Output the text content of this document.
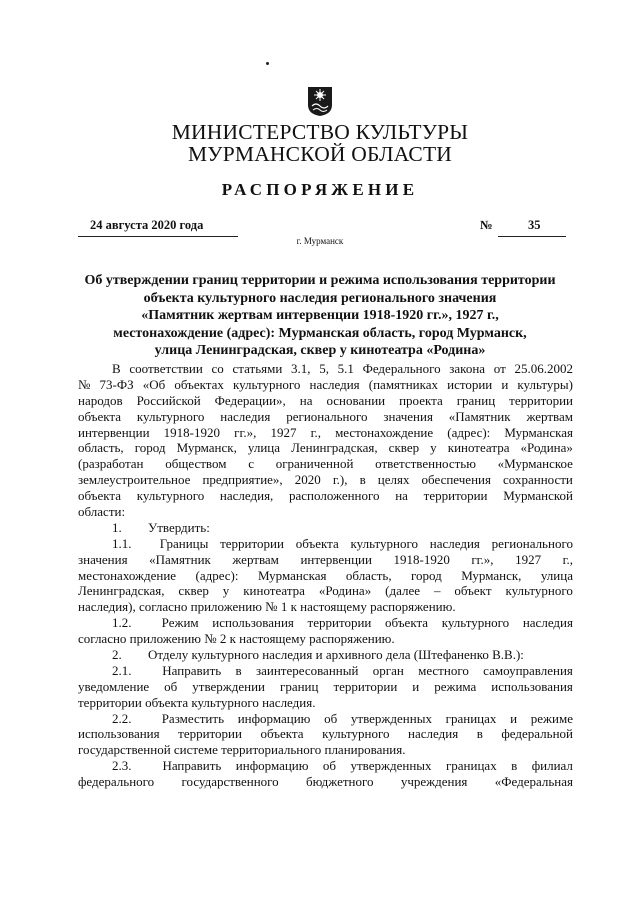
МИНИСТЕРСТВО КУЛЬТУРЫ
МУРМАНСКОЙ ОБЛАСТИ
РАСПОРЯЖЕНИЕ
24 августа 2020 года	№	35
г. Мурманск
Об утверждении границ территории и режима использования территории
объекта культурного наследия регионального значения
«Памятник жертвам интервенции 1918-1920 гг.», 1927 г.,
местонахождение (адрес): Мурманская область, город Мурманск,
улица Ленинградская, сквер у кинотеатра «Родина»
В соответствии со статьями 3.1, 5, 5.1 Федерального закона от 25.06.2002
№ 73-ФЗ «Об объектах культурного наследия (памятниках истории и культуры)
народов Российской Федерации», на основании проекта границ территории
объекта культурного наследия регионального значения «Памятник жертвам
интервенции 1918-1920 гг.», 1927 г., местонахождение (адрес): Мурманская
область, город Мурманск, улица Ленинградская, сквер у кинотеатра «Родина»
(разработан обществом с ограниченной ответственностью «Мурманское
землеустроительное предприятие», 2020 г.), в целях обеспечения сохранности
объекта культурного наследия, расположенного на территории Мурманской
области:
1.	Утвердить:
1.1.	Границы территории объекта культурного наследия регионального
значения «Памятник жертвам интервенции 1918-1920 гг.», 1927 г.,
местонахождение (адрес): Мурманская область, город Мурманск, улица
Ленинградская, сквер у кинотеатра «Родина» (далее – объект культурного
наследия), согласно приложению № 1 к настоящему распоряжению.
1.2.	Режим использования территории объекта культурного наследия
согласно приложению № 2 к настоящему распоряжению.
2.	Отделу культурного наследия и архивного дела (Штефаненко В.В.):
2.1.	Направить в заинтересованный орган местного самоуправления
уведомление об утверждении границ территории и режима использования
территории объекта культурного наследия.
2.2.	Разместить информацию об утвержденных границах и режиме
использования территории объекта культурного наследия в федеральной
государственной системе территориального планирования.
2.3.	Направить информацию об утвержденных границах в филиал
федерального государственного бюджетного учреждения «Федеральная
